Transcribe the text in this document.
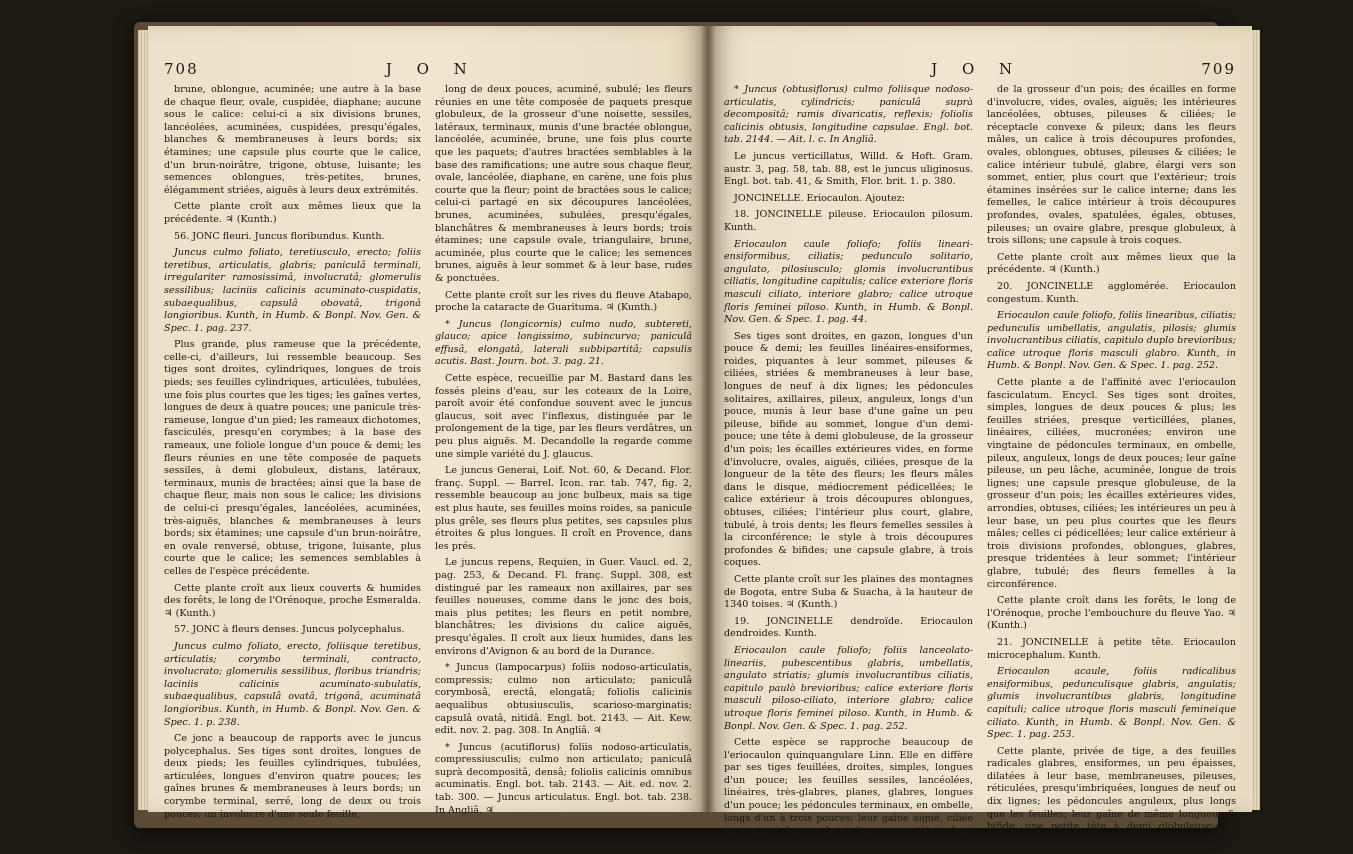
708	J O N

brune, oblongue, acuminée; une autre à la base de chaque fleur, ovale, cuspidée, diaphane; aucune sous le calice: celui-ci a six divisions brunes, lancéolées, acuminées, cuspidées, presqu'égales, blanches & membraneuses à leurs bords; six étamines; une capsule plus courte que le calice, d'un brun-noirâtre, trigone, obtuse, luisante; les semences oblongues, très-petites, brunes, élégamment striées, aiguës à leurs deux extrémités.

Cette plante croît aux mêmes lieux que la précédente. ♃ (Kunth.)

56. JONC fleuri. Juncus floribundus. Kunth.

Juncus culmo foliato, teretiusculo, erecto; foliis teretibus, articulatis, glabris; paniculâ terminali, irregulariter ramosissimâ, involucratâ; glomerulis sessilibus; laciniis calicinis acuminato-cuspidatis, subaequalibus, capsulâ obovatâ, trigonâ longioribus. Kunth, in Humb. & Bonpl. Nov. Gen. & Spec. 1. pag. 237.

Plus grande, plus rameuse que la précédente, celle-ci, d'ailleurs, lui ressemble beaucoup. Ses tiges sont droites, cylindriques, longues de trois pieds; ses feuilles cylindriques, articulées, tubulées, une fois plus courtes que les tiges; les gaînes vertes, longues de deux à quatre pouces; une panicule très-rameuse, longue d'un pied; les rameaux dichotomes, fasciculés, presqu'en corymbes; à la base des rameaux, une foliole longue d'un pouce & demi; les fleurs réunies en une tête composée de paquets sessiles, à demi globuleux, distans, latéraux, terminaux, munis de bractées; ainsi que la base de chaque fleur, mais non sous le calice; les divisions de celui-ci presqu'égales, lancéolées, acuminées, très-aiguës, blanches & membraneuses à leurs bords; six étamines; une capsule d'un brun-noirâtre, en ovale renversé, obtuse, trigone, luisante, plus courte que le calice; les semences semblables à celles de l'espèce précédente.

Cette plante croît aux lieux couverts & humides des forêts, le long de l'Orénoque, proche Esmeralda. ♃ (Kunth.)

57. JONC à fleurs denses. Juncus polycephalus.

Juncus culmo foliato, erecto, foliisque teretibus, articulatis; corymbo terminali, contracto, involucrato; glomerulis sessilibus, floribus triandris; laciniis calicinis acuminato-subulatis, subaequalibus, capsulâ ovatâ, trigonâ, acuminatâ longioribus. Kunth, in Humb. & Bonpl. Nov. Gen. & Spec. 1. p. 238.

Ce jonc a beaucoup de rapports avec le juncus polycephalus. Ses tiges sont droites, longues de deux pieds; les feuilles cylindriques, tubulées, articulées, longues d'environ quatre pouces; les gaînes brunes & membraneuses à leurs bords; un corymbe terminal, serré, long de deux ou trois pouces; un involucre d'une seule feuille,

long de deux pouces, acuminé, subulé; les fleurs réunies en une tête composée de paquets presque globuleux, de la grosseur d'une noisette, sessiles, latéraux, terminaux, munis d'une bractée oblongue, lancéolée, acuminée, brune, une fois plus courte que les paquets; d'autres bractées semblables à la base des ramifications; une autre sous chaque fleur, ovale, lancéolée, diaphane, en carène, une fois plus courte que la fleur; point de bractées sous le calice; celui-ci partagé en six découpures lancéolées, brunes, acuminées, subulées, presqu'égales, blanchâtres & membraneuses à leurs bords; trois étamines; une capsule ovale, triangulaire, brune, acuminée, plus courte que le calice; les semences brunes, aiguës à leur sommet & à leur base, rudes & ponctuées.

Cette plante croît sur les rives du fleuve Atabapo, proche la cataracte de Guarituma. ♃ (Kunth.)

* Juncus (longicornis) culmo nudo, subtereti, glauco; apice longissimo, subincurvo; paniculâ effusâ, elongatâ, laterali subbipartitâ; capsulis acutis. Bast. Journ. bot. 3. pag. 21.

Cette espèce, recueillie par M. Bastard dans les fossés pleins d'eau, sur les coteaux de la Loire, paroît avoir été confondue souvent avec le juncus glaucus, soit avec l'inflexus, distinguée par le prolongement de la tige, par les fleurs verdâtres, un peu plus aiguës. M. Decandolle la regarde comme une simple variété du J. glaucus.

Le juncus Generai, Loif. Not. 60, & Decand. Flor. franç. Suppl. — Barrel. Icon. rar. tab. 747, fig. 2, ressemble beaucoup au jonc bulbeux, mais sa tige est plus haute, ses feuilles moins roides, sa panicule plus grêle, ses fleurs plus petites, ses capsules plus étroites & plus longues. Il croît en Provence, dans les prés.

Le juncus repens, Requien, in Guer. Vaucl. ed. 2, pag. 253, & Decand. Fl. franç. Suppl. 308, est distingué par les rameaux non axillaires, par ses feuilles noueuses, comme dans le jonc des bois, mais plus petites; les fleurs en petit nombre, blanchâtres; les divisions du calice aiguës, presqu'égales. Il croît aux lieux humides, dans les environs d'Avignon & au bord de la Durance.

* Juncus (lampocarpus) foliis nodoso-articulatis, compressis; culmo non articulato; paniculâ corymbosâ, erectâ, elongatâ; foliolis calicinis aequalibus obtusiusculis, scarioso-marginatis; capsulâ ovatâ, nitidâ. Engl. bot. 2143. — Ait. Kew. edit. nov. 2. pag. 308. In Angliâ. ♃

* Juncus (acutiflorus) foliis nodoso-articulatis, compressiusculis; culmo non articulato; paniculâ suprà decompositâ, densâ; foliolis calicinis omnibus acuminatis. Engl. bot. tab. 2143. — Ait. ed. nov. 2. tab. 300. — Juncus articulatus. Engl. bot. tab. 238. In Angliâ. ♃

J O N	709

* Juncus (obtusiflorus) culmo foliisque nodoso-articulatis, cylindricis; paniculâ suprà decompositâ; ramis divaricatis, reflexis; foliolis calicinis obtusis, longitudine capsulae. Engl. bot. tab. 2144. — Ait. l. c. In Angliâ.

Le juncus verticillatus, Willd. & Hoft. Gram. austr. 3, pag. 58, tab. 88, est le juncus uliginosus. Engl. bot. tab. 41, & Smith, Flor. brit. 1. p. 380.

JONCINELLE. Eriocaulon. Ajoutez:

18. JONCINELLE pileuse. Eriocaulon pilosum. Kunth.

Eriocaulon caule foliofo; foliis lineari-ensiformibus, ciliatis; pedunculo solitario, angulato, pilosiusculo; glomis involucrantibus ciliatis, longitudine capitulis; calice exteriore floris masculi ciliato, interiore glabro; calice utroque floris feminei piloso. Kunth, in Humb. & Bonpl. Nov. Gen. & Spec. 1. pag. 44.

Ses tiges sont droites, en gazon, longues d'un pouce & demi; les feuilles linéaires-ensiformes, roides, piquantes à leur sommet, pileuses & ciliées, striées & membraneuses à leur base, longues de neuf à dix lignes; les pédoncules solitaires, axillaires, pileux, anguleux, longs d'un pouce, munis à leur base d'une gaîne un peu pileuse, bifide au sommet, longue d'un demi-pouce; une tête à demi globuleuse, de la grosseur d'un pois; les écailles extérieures vides, en forme d'involucre, ovales, aiguës, ciliées, presque de la longueur de la tête des fleurs; les fleurs mâles dans le disque, médiocrement pédicellées; le calice extérieur à trois découpures oblongues, obtuses, ciliées; l'intérieur plus court, glabre, tubulé, à trois dents; les fleurs femelles sessiles à la circonférence; le style à trois découpures profondes & bifides; une capsule glabre, à trois coques.

Cette plante croît sur les plaines des montagnes de Bogota, entre Suba & Suacha, à la hauteur de 1340 toises. ♃ (Kunth.)

19. JONCINELLE dendroïde. Eriocaulon dendroides. Kunth.

Eriocaulon caule foliofo; foliis lanceolato-lineariis, pubescentibus glabris, umbellatis, angulato striatis; glumis involucrantibus ciliatis, capitulo paulò brevioribus; calice exteriore floris masculi piloso-ciliato, interiore glabro; calice utroque floris feminei piloso. Kunth, in Humb. & Bonpl. Nov. Gen. & Spec. 1. pag. 252.

Cette espèce se rapproche beaucoup de l'eriocaulon quinquangulare Linn. Elle en diffère par ses tiges feuillées, droites, simples, longues d'un pouce; les feuilles sessiles, lancéolées, linéaires, très-glabres, planes, glabres, longues d'un pouce; les pédoncules terminaux, en ombelle, longs d'un à trois pouces; leur gaîne aiguë, ciliée au sommet, longue de six lignes; une tête à demi globuleuse,

de la grosseur d'un pois; des écailles en forme d'involucre, vides, ovales, aiguës; les intérieures lancéolées, obtuses, pileuses & ciliées; le réceptacle convexe & pileux; dans les fleurs mâles, un calice à trois découpures profondes, ovales, oblongues, obtuses, pileuses & ciliées; le calice intérieur tubulé, glabre, élargi vers son sommet, entier, plus court que l'extérieur; trois étamines insérées sur le calice interne; dans les femelles, le calice intérieur à trois découpures profondes, ovales, spatulées, égales, obtuses, pileuses; un ovaire glabre, presque globuleux, à trois sillons; une capsule à trois coques.

Cette plante croît aux mêmes lieux que la précédente. ♃ (Kunth.)

20. JONCINELLE agglomérée. Eriocaulon congestum. Kunth.

Eriocaulon caule foliofo, foliis linearibus, ciliatis; pedunculis umbellatis, angulatis, pilosis; glumis involucrantibus ciliatis, capitulo duplo brevioribus; calice utroque floris masculi glabro. Kunth, in Humb. & Bonpl. Nov. Gen. & Spec. 1. pag. 252.

Cette plante a de l'affinité avec l'eriocaulon fasciculatum. Encycl. Ses tiges sont droites, simples, longues de deux pouces & plus; les feuilles striées, presque verticillées, planes, linéaires, ciliées, mucronées; environ une vingtaine de pédoncules terminaux, en ombelle, pileux, anguleux, longs de deux pouces; leur gaîne pileuse, un peu lâche, acuminée, longue de trois lignes; une capsule presque globuleuse, de la grosseur d'un pois; les écailles extérieures vides, arrondies, obtuses, ciliées; les intérieures un peu à leur base, un peu plus courtes que les fleurs mâles; celles ci pédicellées; leur calice extérieur à trois divisions profondes, oblongues, glabres, presque tridentées à leur sommet; l'intérieur glabre, tubulé; des fleurs femelles à la circonférence.

Cette plante croît dans les forêts, le long de l'Orénoque, proche l'embouchure du fleuve Yao. ♃ (Kunth.)

21. JONCINELLE à petite tête. Eriocaulon microcephalum. Kunth.

Eriocaulon acaule, foliis radicalibus ensiformibus, pedunculisque glabris, angulatis; glumis involucrantibus glabris, longitudine capituli; calice utroque floris masculi femineique ciliato. Kunth, in Humb. & Bonpl. Nov. Gen. & Spec. 1. pag. 253.

Cette plante, privée de tige, a des feuilles radicales glabres, ensiformes, un peu épaisses, dilatées à leur base, membraneuses, pileuses, réticulées, presqu'imbriquées, longues de neuf ou dix lignes; les pédoncules anguleux, plus longs que les feuilles; leur gaîne de même longueur & bifide; une petite tête à demi globuleuse; les écailles extérieures glabres, blanchâtres, ovales,
